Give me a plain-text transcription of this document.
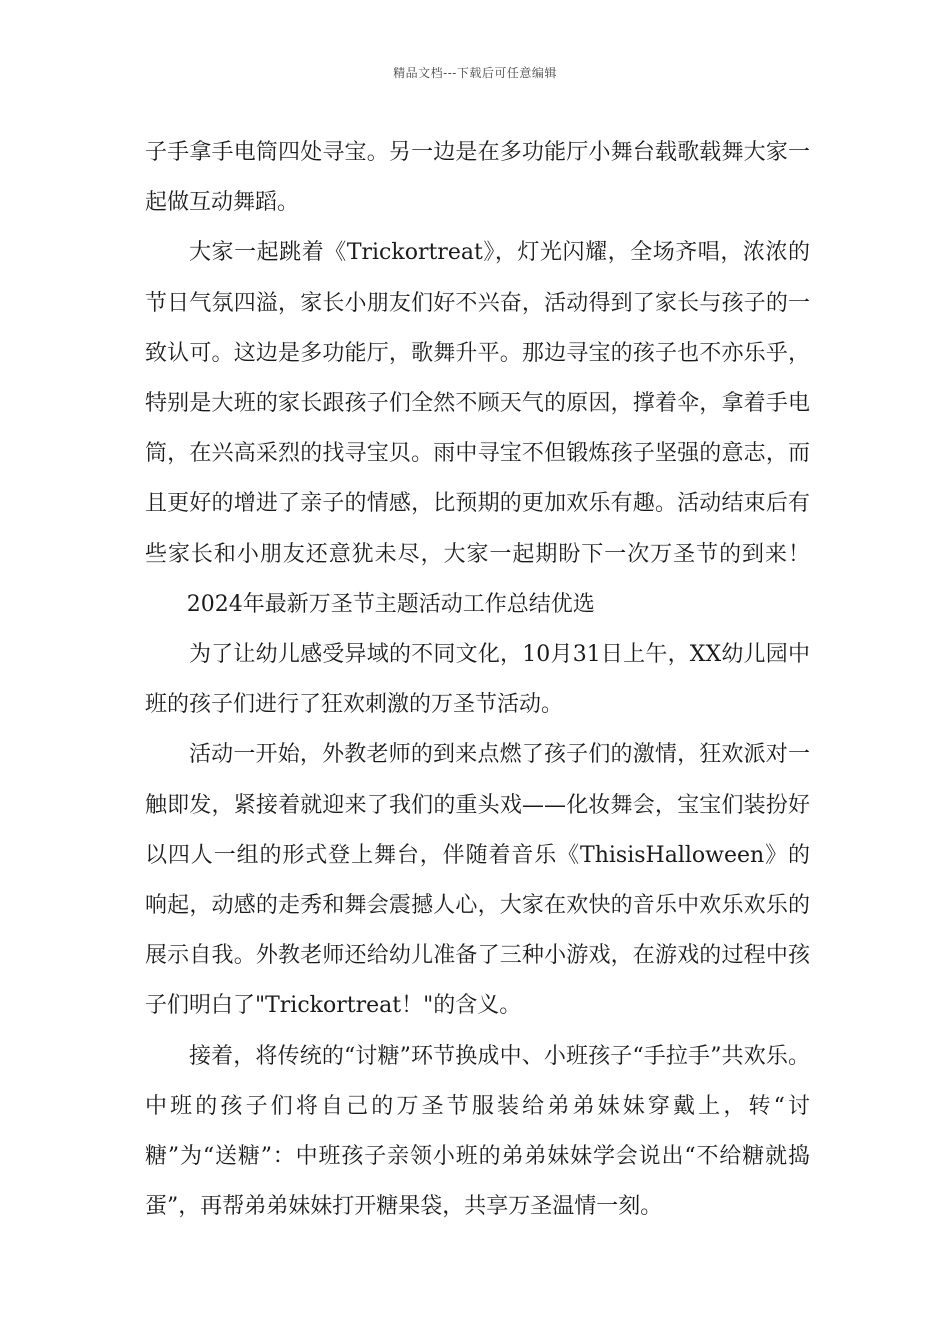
精品文档---下载后可任意编辑

子手拿手电筒四处寻宝。另一边是在多功能厅小舞台载歌载舞大家一起做互动舞蹈。

大家一起跳着《Trickortreat》，灯光闪耀，全场齐唱，浓浓的节日气氛四溢，家长小朋友们好不兴奋，活动得到了家长与孩子的一致认可。这边是多功能厅，歌舞升平。那边寻宝的孩子也不亦乐乎，特别是大班的家长跟孩子们全然不顾天气的原因，撑着伞，拿着手电筒，在兴高采烈的找寻宝贝。雨中寻宝不但锻炼孩子坚强的意志，而且更好的增进了亲子的情感，比预期的更加欢乐有趣。活动结束后有些家长和小朋友还意犹未尽，大家一起期盼下一次万圣节的到来！2024年最新万圣节主题活动工作总结优选

为了让幼儿感受异域的不同文化，10月31日上午，XX幼儿园中班的孩子们进行了狂欢刺激的万圣节活动。

活动一开始，外教老师的到来点燃了孩子们的激情，狂欢派对一触即发，紧接着就迎来了我们的重头戏——化妆舞会，宝宝们装扮好以四人一组的形式登上舞台，伴随着音乐《ThisisHalloween》的响起，动感的走秀和舞会震撼人心，大家在欢快的音乐中欢乐欢乐的展示自我。外教老师还给幼儿准备了三种小游戏，在游戏的过程中孩子们明白了"Trickortreat！"的含义。

接着，将传统的“讨糖”环节换成中、小班孩子“手拉手”共欢乐。中班的孩子们将自己的万圣节服装给弟弟妹妹穿戴上，转“讨糖”为“送糖”：中班孩子亲领小班的弟弟妹妹学会说出“不给糖就捣蛋”，再帮弟弟妹妹打开糖果袋，共享万圣温情一刻。
